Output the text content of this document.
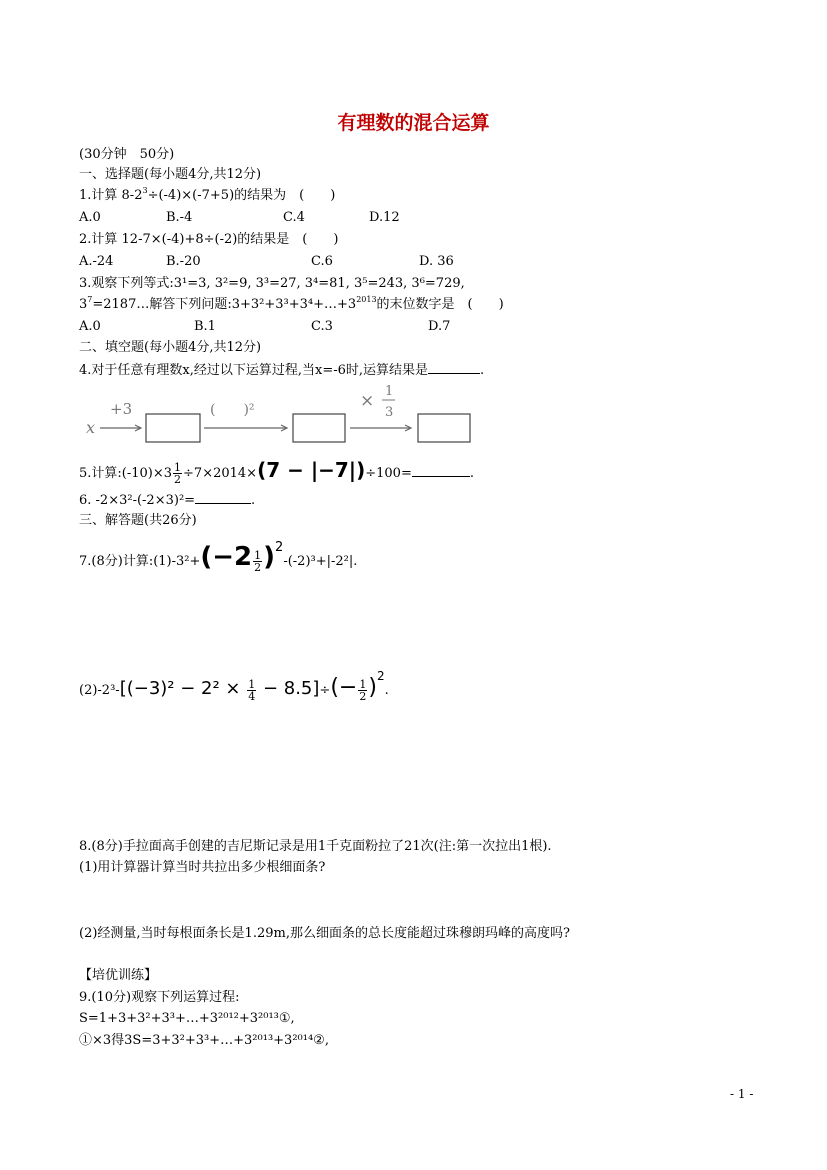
有理数的混合运算
(30分钟　50分)
一、选择题(每小题4分,共12分)
1.计算 $8-2^3\div(-4)\times(-7+5)$的结果为　(　　)
A.0	B.-4	C.4	D.12
2.计算 12-7×(-4)+8÷(-2)的结果是　(　　)
A.-24	B.-20	C.6	D. 36
3.观察下列等式:3¹=3, 3²=9, 3³=27, 3⁴=81, 3⁵=243, 3⁶=729,
$3^7=2187\dots$解答下列问题$:3+3^2+3^3+3^4+\dots+3^{2013}$的末位数字是　(　　)
A.0	B.1	C.3	D.7
二、填空题(每小题4分,共12分)
4.对于任意有理数x,经过以下运算过程,当x=-6时,运算结果是	.
x
+3	(　　)²	× 1
3
5.计算:(-10)×3 $\frac{1}{2} \div 7\times 2014\times(7 - |-7|)\div 100=$	.
6. -2×3²-(-2×3)²=	.
三、解答题(共26分)
7.(8分)计算:(1)-3²+(−2 $\frac{1}{2} )^2-(-2)^3+|-2^2|$.
$(2)-2^3-[(-3)^2 - 2^2 \times \frac{1}{4} - 8.5]\div(- \frac{1}{2} )^2$.
8.(8分)手拉面高手创建的吉尼斯记录是用1千克面粉拉了21次(注:第一次拉出1根).
(1)用计算器计算当时共拉出多少根细面条?
(2)经测量,当时每根面条长是1.29m,那么细面条的总长度能超过珠穆朗玛峰的高度吗?
【培优训练】
9.(10分)观察下列运算过程:
S=1+3+3²+3³+…+3²⁰¹²+3²⁰¹³①,
①×3得3S=3+3²+3³+…+3²⁰¹³+3²⁰¹⁴②,
- 1 -
